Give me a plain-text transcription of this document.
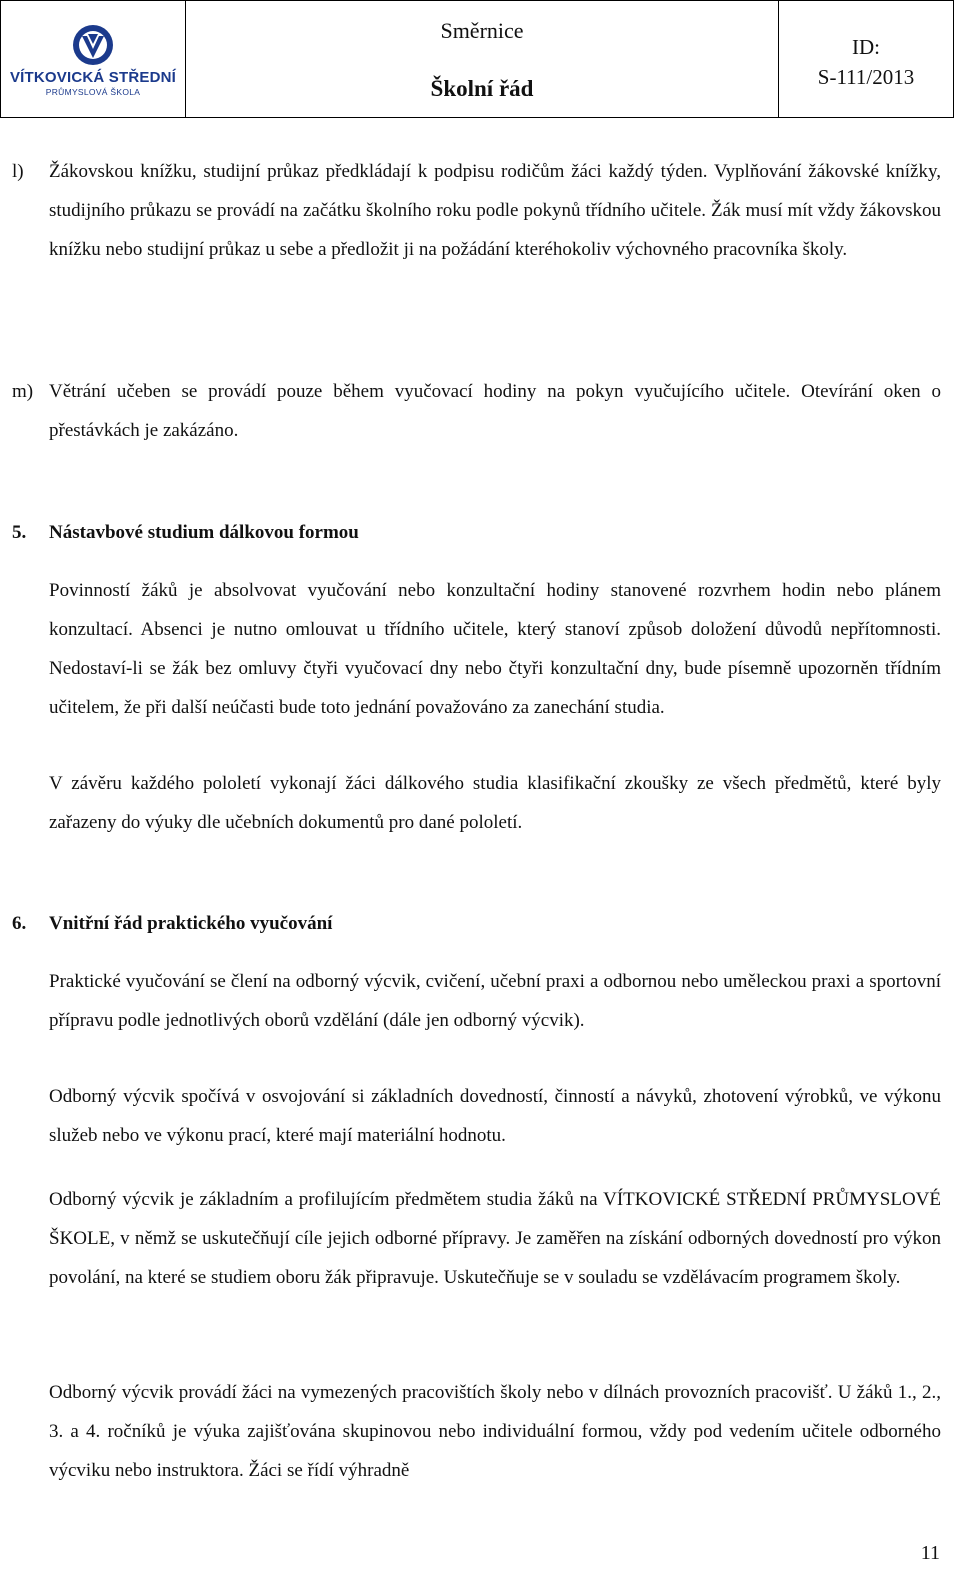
VÍTKOVICKÁ STŘEDNÍ
PRŮMYSLOVÁ ŠKOLA
Směrnice
Školní řád
ID:
S-111/2013
l) Žákovskou knížku, studijní průkaz předkládají k podpisu rodičům žáci každý týden. Vyplňování žákovské knížky, studijního průkazu se provádí na začátku školního roku podle pokynů třídního učitele. Žák musí mít vždy žákovskou knížku nebo studijní průkaz u sebe a předložit ji na požádání kteréhokoliv výchovného pracovníka školy.
m) Větrání učeben se provádí pouze během vyučovací hodiny na pokyn vyučujícího učitele. Otevírání oken o přestávkách je zakázáno.
5. Nástavbové studium dálkovou formou
Povinností žáků je absolvovat vyučování nebo konzultační hodiny stanovené rozvrhem hodin nebo plánem konzultací. Absenci je nutno omlouvat u třídního učitele, který stanoví způsob doložení důvodů nepřítomnosti. Nedostaví-li se žák bez omluvy čtyři vyučovací dny nebo čtyři konzultační dny, bude písemně upozorněn třídním učitelem, že při další neúčasti bude toto jednání považováno za zanechání studia.
V závěru každého pololetí vykonají žáci dálkového studia klasifikační zkoušky ze všech předmětů, které byly zařazeny do výuky dle učebních dokumentů pro dané pololetí.
6. Vnitřní řád praktického vyučování
Praktické vyučování se člení na odborný výcvik, cvičení, učební praxi a odbornou nebo uměleckou praxi a sportovní přípravu podle jednotlivých oborů vzdělání (dále jen odborný výcvik).
Odborný výcvik spočívá v osvojování si základních dovedností, činností a návyků, zhotovení výrobků, ve výkonu služeb nebo ve výkonu prací, které mají materiální hodnotu.
Odborný výcvik je základním a profilujícím předmětem studia žáků na VÍTKOVICKÉ STŘEDNÍ PRŮMYSLOVÉ ŠKOLE, v němž se uskutečňují cíle jejich odborné přípravy. Je zaměřen na získání odborných dovedností pro výkon povolání, na které se studiem oboru žák připravuje. Uskutečňuje se v souladu se vzdělávacím programem školy.
Odborný výcvik provádí žáci na vymezených pracovištích školy nebo v dílnách provozních pracovišť. U žáků 1., 2., 3. a 4. ročníků je výuka zajišťována skupinovou nebo individuální formou, vždy pod vedením učitele odborného výcviku nebo instruktora. Žáci se řídí výhradně
11
